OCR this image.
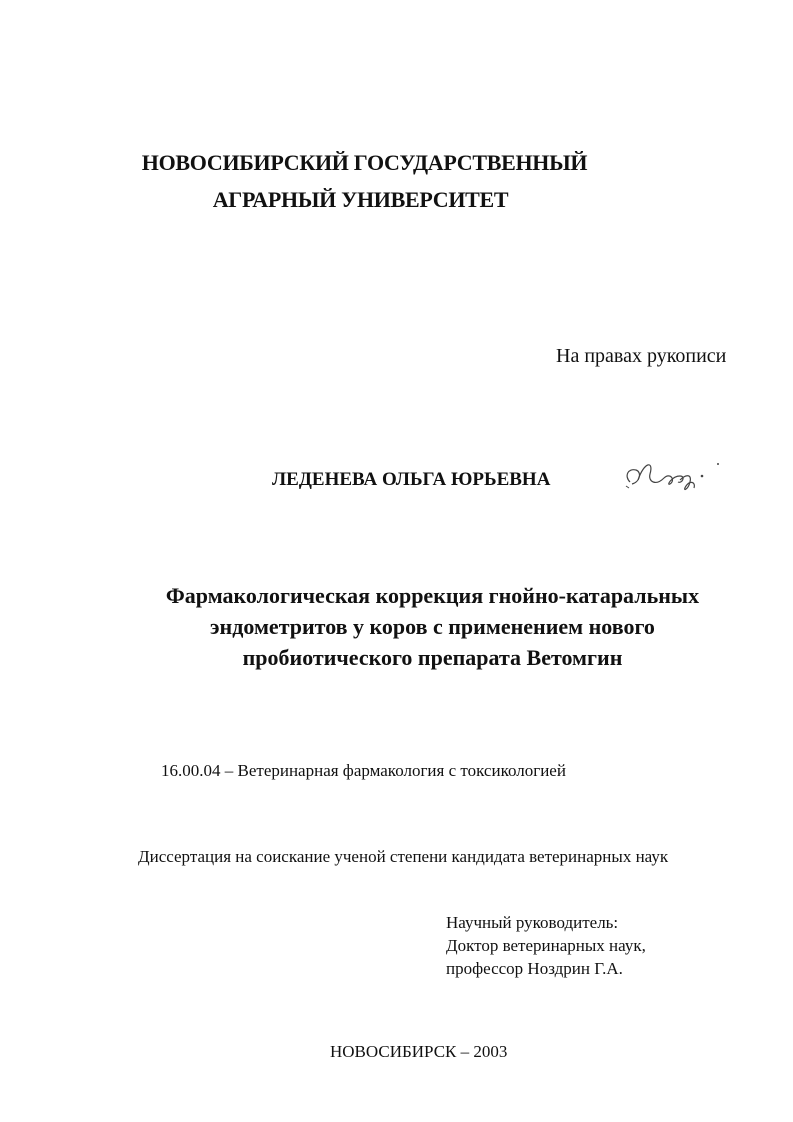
НОВОСИБИРСКИЙ ГОСУДАРСТВЕННЫЙ
АГРАРНЫЙ УНИВЕРСИТЕТ
На правах рукописи
ЛЕДЕНЕВА ОЛЬГА ЮРЬЕВНА
Фармакологическая коррекция гнойно-катаральных
эндометритов у коров с применением нового
пробиотического препарата Ветомгин
16.00.04 – Ветеринарная фармакология с токсикологией
Диссертация на соискание ученой степени кандидата ветеринарных наук
Научный руководитель:
Доктор ветеринарных наук,
профессор Ноздрин Г.А.
НОВОСИБИРСК – 2003
